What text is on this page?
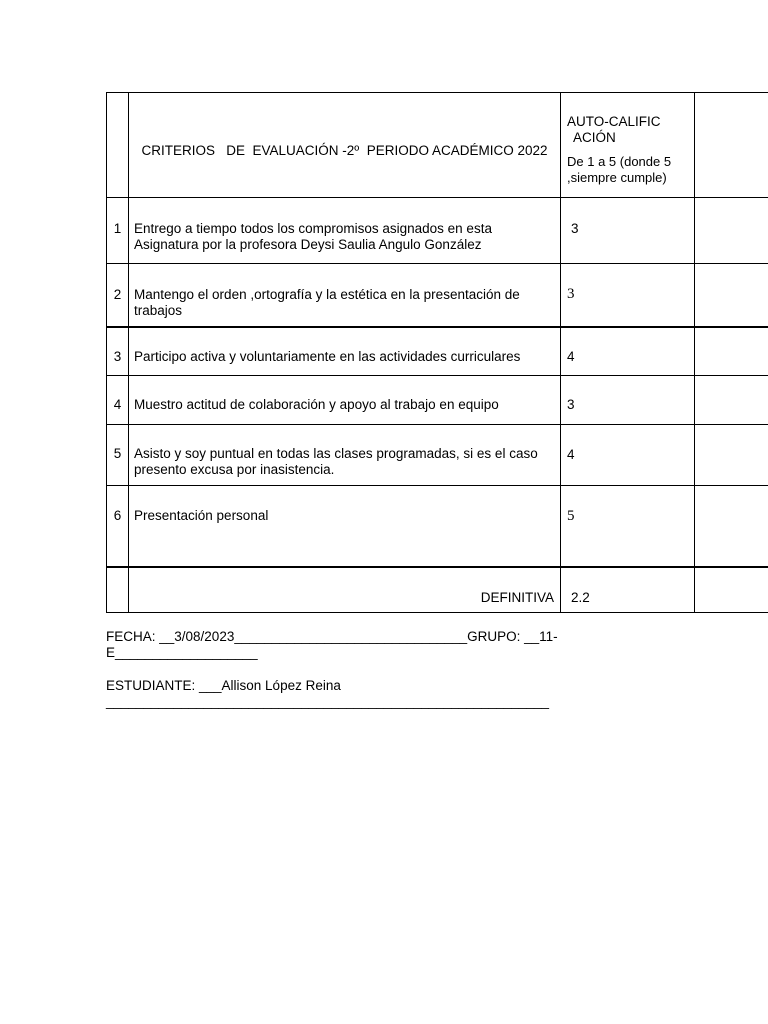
	CRITERIOS   DE  EVALUACIÓN -2º  PERIODO ACADÉMICO 2022	AUTO-CALIFICACIÓN
De 1 a 5 (donde 5 ,siempre cumple)	

1	Entrego a tiempo todos los compromisos asignados en esta Asignatura por la profesora Deysi Saulia Angulo González	3	
2	Mantengo el orden ,ortografía y la estética en la presentación de trabajos	3	
3	Participo activa y voluntariamente en las actividades curriculares	4	
4	Muestro actitud de colaboración y apoyo al trabajo en equipo	3	
5	Asisto y soy puntual en todas las clases programadas, si es el caso presento excusa por inasistencia.	4	
6	Presentación personal	5	
	DEFINITIVA	2.2	
FECHA: __3/08/2023_______________________________GRUPO: __11-
E___________________
ESTUDIANTE: ___Allison López Reina
___________________________________________________________
